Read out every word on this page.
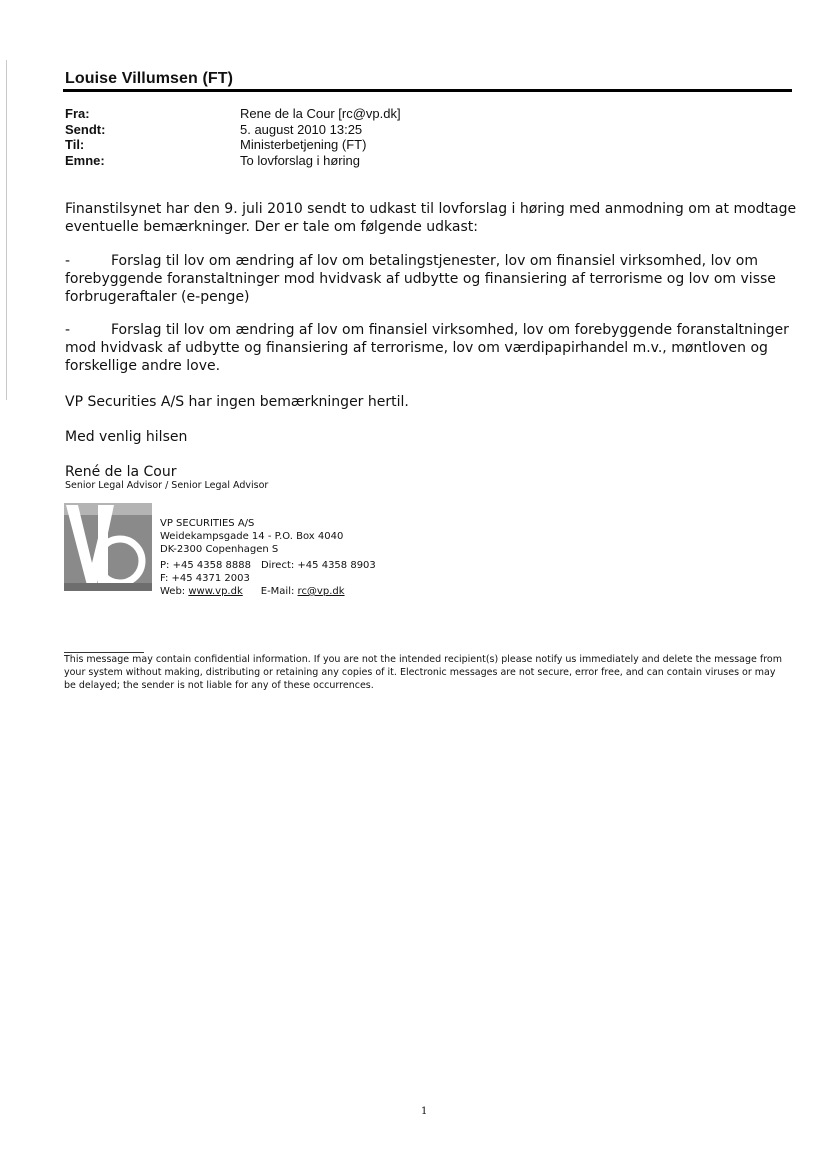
Louise Villumsen (FT)
Fra:	Rene de la Cour [rc@vp.dk]
Sendt:	5. august 2010 13:25
Til:	Ministerbetjening (FT)
Emne:	To lovforslag i høring

Finanstilsynet har den 9. juli 2010 sendt to udkast til lovforslag i høring med anmodning om at modtage eventuelle bemærkninger. Der er tale om følgende udkast:

-	Forslag til lov om ændring af lov om betalingstjenester, lov om finansiel virksomhed, lov om forebyggende foranstaltninger mod hvidvask af udbytte og finansiering af terrorisme og lov om visse forbrugeraftaler (e-penge)

-	Forslag til lov om ændring af lov om finansiel virksomhed, lov om forebyggende foranstaltninger mod hvidvask af udbytte og finansiering af terrorisme, lov om værdipapirhandel m.v., møntloven og forskellige andre love.

VP Securities A/S har ingen bemærkninger hertil.

Med venlig hilsen

René de la Cour

Senior Legal Advisor / Senior Legal Advisor
VP SECURITIES A/S
Weidekampsgade 14 - P.O. Box 4040
DK-2300 Copenhagen S
P: +45 4358 8888 Direct: +45 4358 8903
F: +45 4371 2003
Web: www.vp.dk E-Mail: rc@vp.dk

This message may contain confidential information. If you are not the intended recipient(s) please notify us immediately and delete the message from your system without making, distributing or retaining any copies of it. Electronic messages are not secure, error free, and can contain viruses or may be delayed; the sender is not liable for any of these occurrences.

1
